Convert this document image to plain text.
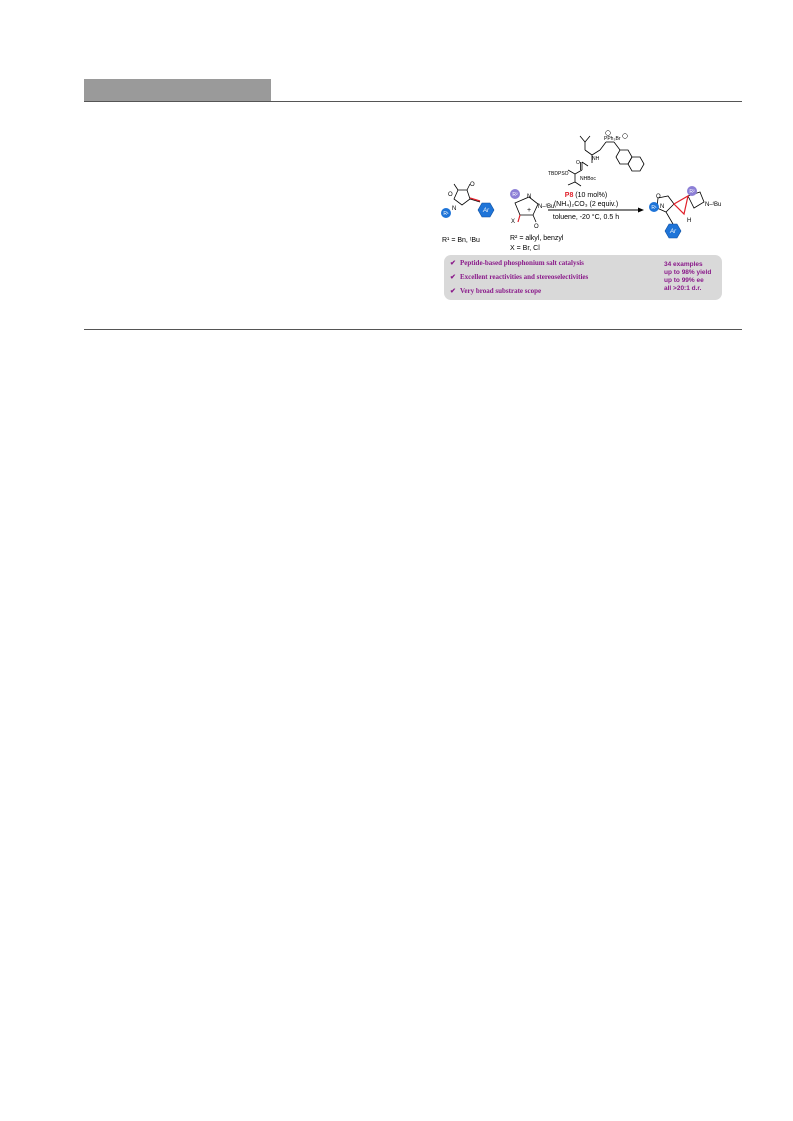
PPh₃Br
NH
O
NHBoc
TBDPSO
P8 (10 mol%)
(NH₄)₂CO₃ (2 equiv.)
toluene, -20 °C, 0.5 h
O
O
N
R¹	Ar
R¹ = Bn, ᵗBu
+
R² N
N–ᵗBu
X
O
R² = alkyl, benzyl
X = Br, Cl
R¹
R²
O
N	N–ᵗBu
H
Ar
✔ Peptide-based phosphonium salt catalysis
✔ Excellent reactivities and stereoselectivities
✔ Very broad substrate scope
34 examples
up to 98% yield
up to 99% ee
all >20:1 d.r.
